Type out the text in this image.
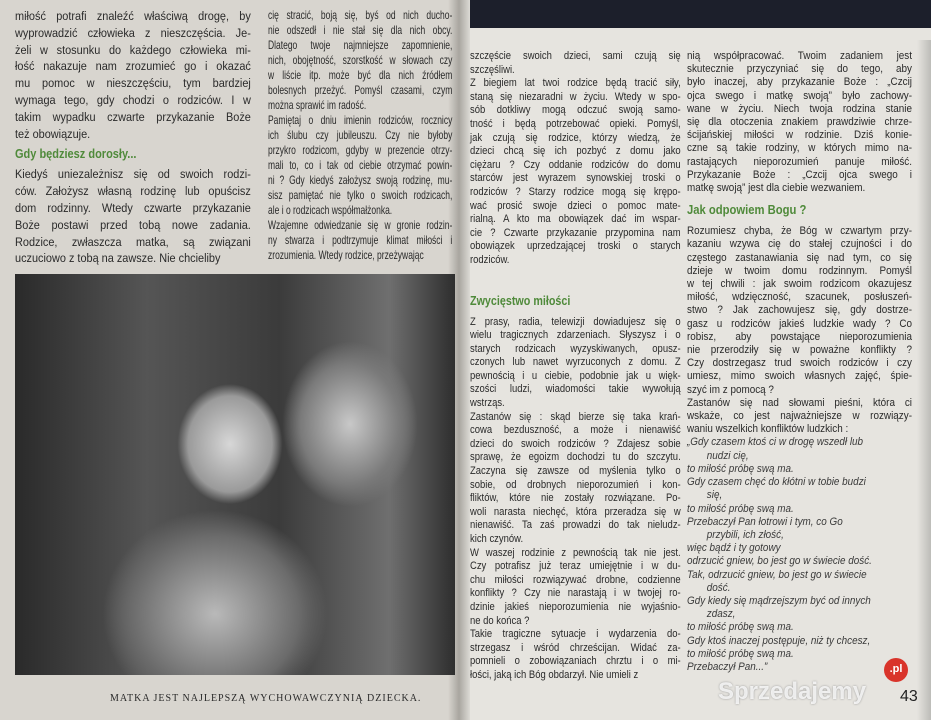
miłość potrafi znaleźć właściwą drogę, by
wyprowadzić człowieka z nieszczęścia. Je-
żeli w stosunku do każdego człowieka mi-
łość nakazuje nam zrozumieć go i okazać
mu pomoc w nieszczęściu, tym bardziej
wymaga tego, gdy chodzi o rodziców. I w
takim wypadku czwarte przykazanie Boże
też obowiązuje.
Gdy będziesz dorosły...
Kiedyś uniezależnisz się od swoich rodzi-
ców. Założysz własną rodzinę lub opuścisz
dom rodzinny. Wtedy czwarte przykazanie
Boże postawi przed tobą nowe zadania.
Rodzice, zwłaszcza matka, są związani
uczuciowo z tobą na zawsze. Nie chcieliby
cię stracić, boją się, byś od nich ducho-
nie odszedł i nie stał się dla nich obcy.
Dlatego twoje najmniejsze zapomnienie,
nich, obojętność, szorstkość w słowach czy
w liście itp. może być dla nich źródłem
bolesnych przeżyć. Pomyśl czasami, czym
można sprawić im radość.
Pamiętaj o dniu imienin rodziców, rocznicy
ich ślubu czy jubileuszu. Czy nie byłoby
przykro rodzicom, gdyby w prezencie otrzy-
mali to, co i tak od ciebie otrzymać powin-
ni ? Gdy kiedyś założysz swoją rodzinę, mu-
sisz pamiętać nie tylko o swoich rodzicach,
ale i o rodzicach współmałżonka.
Wzajemne odwiedzanie się w gronie rodzin-
ny stwarza i podtrzymuje klimat miłości i
zrozumienia. Wtedy rodzice, przeżywając
MATKA JEST NAJLEPSZĄ WYCHOWAWCZYNIĄ DZIECKA.
szczęście swoich dzieci, sami czują się
szczęśliwi.
Z biegiem lat twoi rodzice będą tracić siły,
staną się niezaradni w życiu. Wtedy w spo-
sób dotkliwy mogą odczuć swoją samo-
tność i będą potrzebować opieki. Pomyśl,
jak czują się rodzice, którzy wiedzą, że
dzieci chcą się ich pozbyć z domu jako
ciężaru ? Czy oddanie rodziców do domu
starców jest wyrazem synowskiej troski o
rodziców ? Starzy rodzice mogą się krępo-
wać prosić swoje dzieci o pomoc mate-
rialną. A kto ma obowiązek dać im wspar-
cie ? Czwarte przykazanie przypomina nam
obowiązek uprzedzającej troski o starych
rodziców.
Zwycięstwo miłości
Z prasy, radia, telewizji dowiadujesz się o
wielu tragicznych zdarzeniach. Słyszysz i o
starych rodzicach wyzyskiwanych, opusz-
czonych lub nawet wyrzuconych z domu. Z
pewnością i u ciebie, podobnie jak u więk-
szości ludzi, wiadomości takie wywołują
wstrząs.
Zastanów się : skąd bierze się taka krań-
cowa bezduszność, a może i nienawiść
dzieci do swoich rodziców ? Zdajesz sobie
sprawę, że egoizm dochodzi tu do szczytu.
Zaczyna się zawsze od myślenia tylko o
sobie, od drobnych nieporozumień i kon-
fliktów, które nie zostały rozwiązane. Po-
woli narasta niechęć, która przeradza się w
nienawiść. Ta zaś prowadzi do tak nieludz-
kich czynów.
W waszej rodzinie z pewnością tak nie jest.
Czy potrafisz już teraz umiejętnie i w du-
chu miłości rozwiązywać drobne, codzienne
konflikty ? Czy nie narastają i w twojej ro-
dzinie jakieś nieporozumienia nie wyjaśnio-
ne do końca ?
Takie tragiczne sytuacje i wydarzenia do-
strzegasz i wśród chrześcijan. Widać za-
pomnieli o zobowiązaniach chrztu i o mi-
łości, jaką ich Bóg obdarzył. Nie umieli z
nią współpracować. Twoim zadaniem jest
skutecznie przyczyniać się do tego, aby
było inaczej, aby przykazanie Boże : „Czcij
ojca swego i matkę swoją” było zachowy-
wane w życiu. Niech twoja rodzina stanie
się dla otoczenia znakiem prawdziwie chrze-
ścijańskiej miłości w rodzinie. Dziś konie-
czne są takie rodziny, w których mimo na-
rastających nieporozumień panuje miłość.
Przykazanie Boże : „Czcij ojca swego i
matkę swoją” jest dla ciebie wezwaniem.
Jak odpowiem Bogu ?
Rozumiesz chyba, że Bóg w czwartym przy-
kazaniu wzywa cię do stałej czujności i do
częstego zastanawiania się nad tym, co się
dzieje w twoim domu rodzinnym. Pomyśl
w tej chwili : jak swoim rodzicom okazujesz
miłość, wdzięczność, szacunek, posłuszeń-
stwo ? Jak zachowujesz się, gdy dostrze-
gasz u rodziców jakieś ludzkie wady ? Co
robisz, aby powstające nieporozumienia
nie przerodziły się w poważne konflikty ?
Czy dostrzegasz trud swoich rodziców i czy
umiesz, mimo swoich własnych zajęć, śpie-
szyć im z pomocą ?
Zastanów się nad słowami pieśni, która ci
wskaże, co jest najważniejsze w rozwiązy-
waniu wszelkich konfliktów ludzkich :
„Gdy czasem ktoś ci w drogę wszedł lub
nudzi cię,
to miłość próbę swą ma.
Gdy czasem chęć do kłótni w tobie budzi
się,
to miłość próbę swą ma.
Przebaczył Pan łotrowi i tym, co Go
przybili, ich złość,
więc bądź i ty gotowy
odrzucić gniew, bo jest go w świecie dość.
Tak, odrzucić gniew, bo jest go w świecie
dość.
Gdy kiedy się mądrzejszym być od innych
zdasz,
to miłość próbę swą ma.
Gdy ktoś inaczej postępuje, niż ty chcesz,
to miłość próbę swą ma.
Przebaczył Pan...”
Sprzedajemy
.pl
43
